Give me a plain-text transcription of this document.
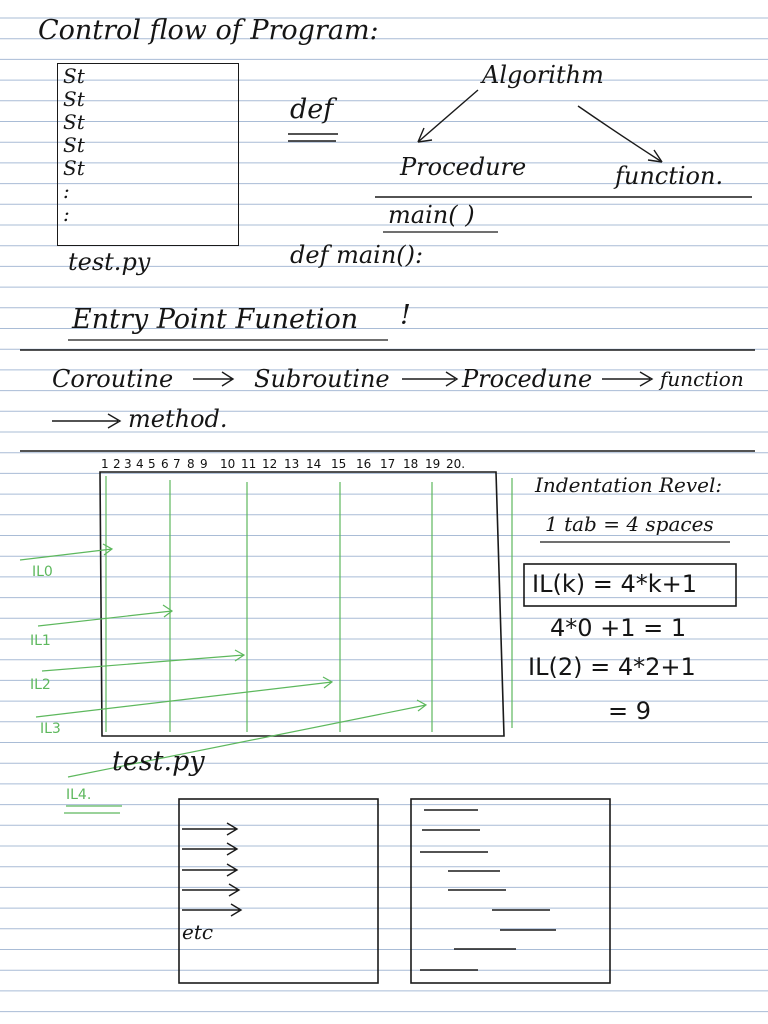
Control flow of Program:
St
St
St
St
St
:
:
test.py
def
Algorithm
Procedure	function.
main( )
def main():
Entry Point Funetion !
Coroutine	Subroutine	Procedune	function
method.
1 2 3 4 5 6 7 8 9 10 11 12 13 14 15 16 17 18 19 20.
IL0
IL1
IL2
IL3
IL4.
test.py
Indentation Revel:
1 tab = 4 spaces
IL(k) = 4*k+1
4*0 +1 = 1
IL(2) = 4*2+1
= 9
etc
